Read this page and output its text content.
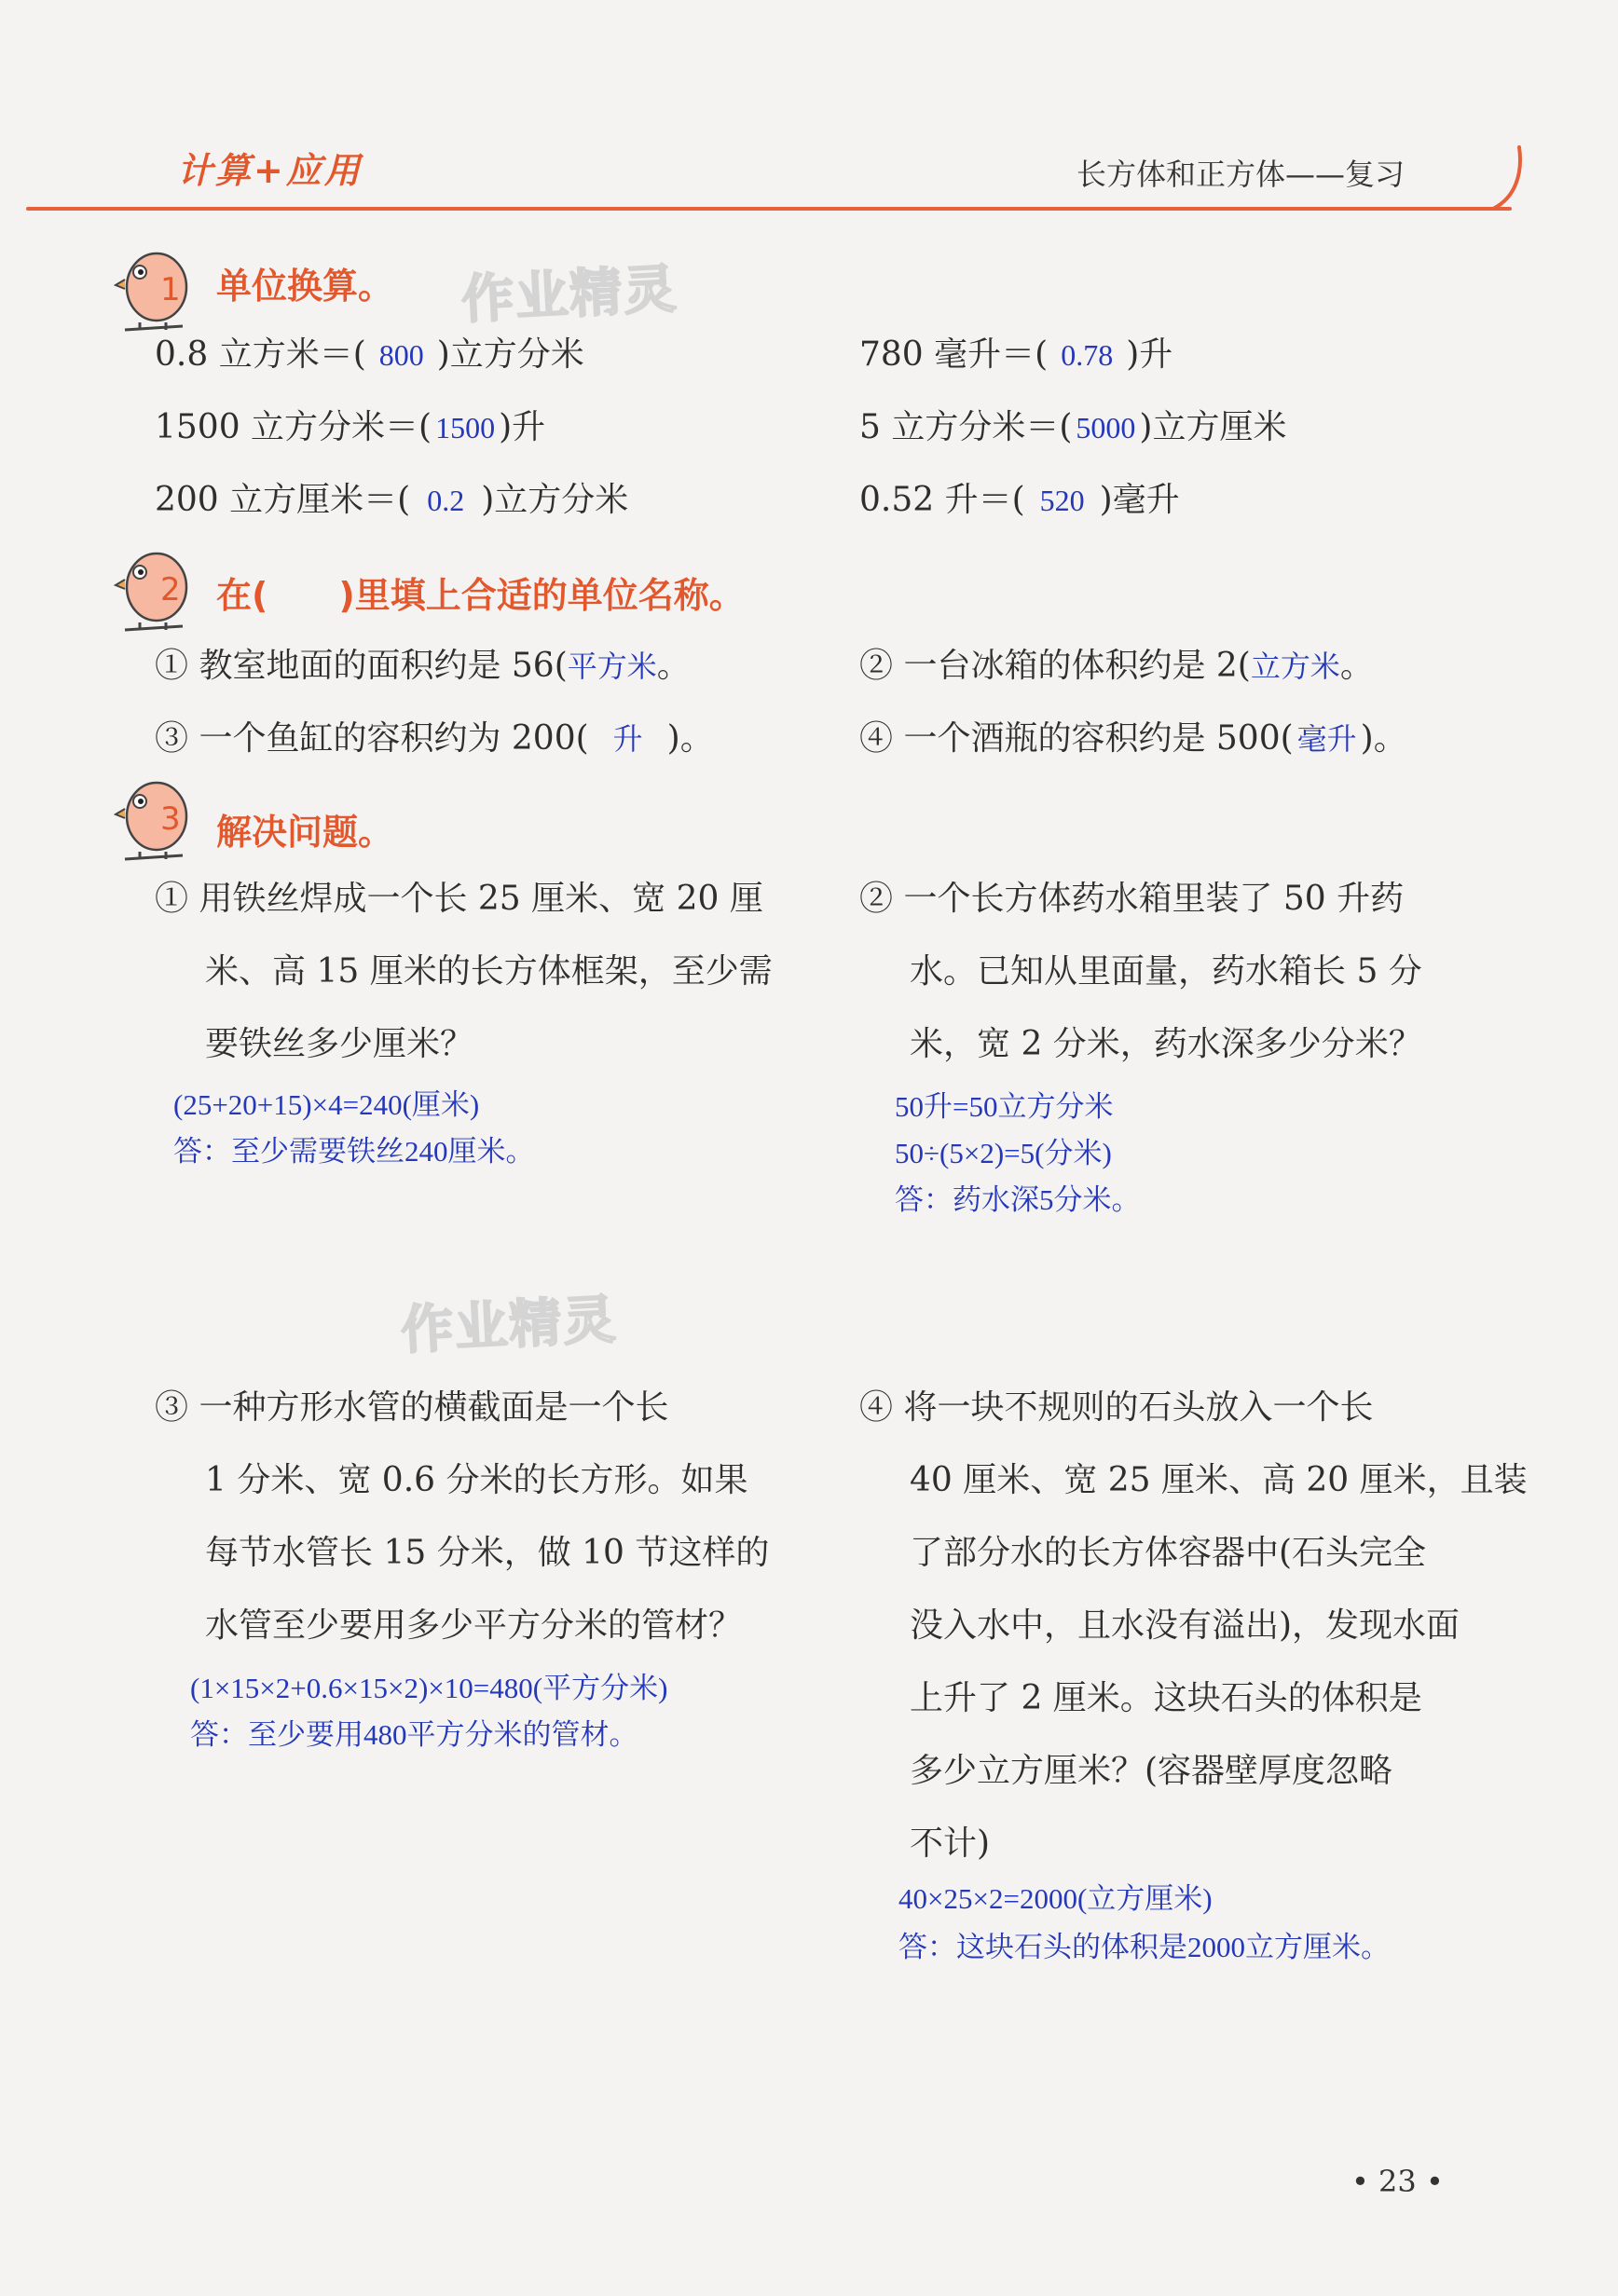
计算+应用	长方体和正方体——复习
1 单位换算。
2 在(　　)里填上合适的单位名称。
3 解决问题。
作业精灵
作业精灵
0.8 立方米＝( 800 )立方分米	780 毫升＝( 0.78 )升
1500 立方分米＝( 1500 )升	5 立方分米＝( 5000 )立方厘米
200 立方厘米＝( 0.2 )立方分米	0.52 升＝( 520 )毫升
① 教室地面的面积约是 56(平方米。	② 一台冰箱的体积约是 2(立方米。
③ 一个鱼缸的容积约为 200( 升 )。	④ 一个酒瓶的容积约是 500( 毫升 )。
① 用铁丝焊成一个长 25 厘米、宽 20 厘
米、高 15 厘米的长方体框架，至少需
要铁丝多少厘米？
(25+20+15)×4=240(厘米)
答：至少需要铁丝240厘米。
② 一个长方体药水箱里装了 50 升药
水。已知从里面量，药水箱长 5 分
米，宽 2 分米，药水深多少分米？
50升=50立方分米
50÷(5×2)=5(分米)
答：药水深5分米。
③ 一种方形水管的横截面是一个长
1 分米、宽 0.6 分米的长方形。如果
每节水管长 15 分米，做 10 节这样的
水管至少要用多少平方分米的管材？
(1×15×2+0.6×15×2)×10=480(平方分米)
答：至少要用480平方分米的管材。
④ 将一块不规则的石头放入一个长
40 厘米、宽 25 厘米、高 20 厘米，且装
了部分水的长方体容器中(石头完全
没入水中，且水没有溢出)，发现水面
上升了 2 厘米。这块石头的体积是
多少立方厘米？(容器壁厚度忽略
不计)
40×25×2=2000(立方厘米)
答：这块石头的体积是2000立方厘米。
• 23 •
